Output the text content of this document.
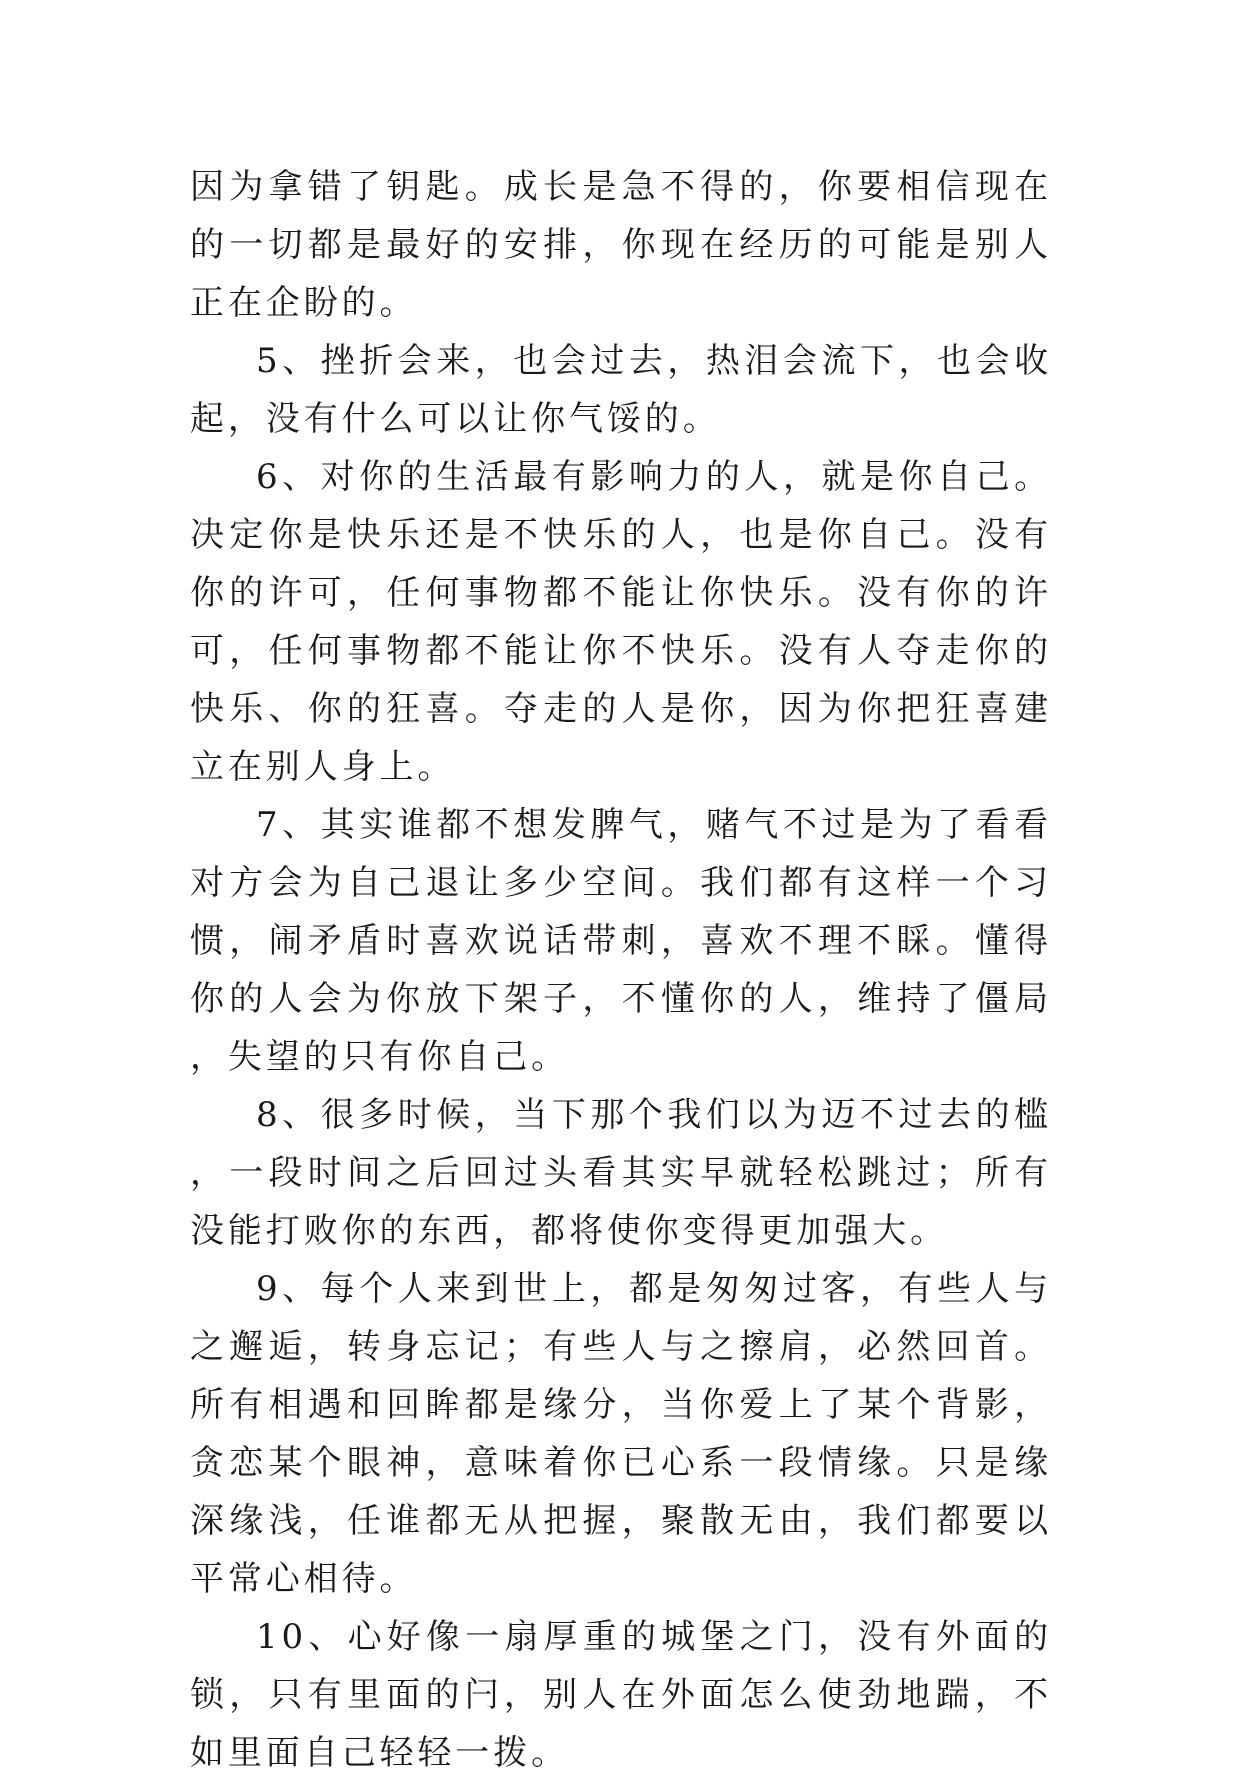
因为拿错了钥匙。成长是急不得的，你要相信现在的一切都是最好的安排，你现在经历的可能是别人正在企盼的。

5、挫折会来，也会过去，热泪会流下，也会收起，没有什么可以让你气馁的。

6、对你的生活最有影响力的人，就是你自己。决定你是快乐还是不快乐的人，也是你自己。没有你的许可，任何事物都不能让你快乐。没有你的许可，任何事物都不能让你不快乐。没有人夺走你的快乐、你的狂喜。夺走的人是你，因为你把狂喜建立在别人身上。

7、其实谁都不想发脾气，赌气不过是为了看看对方会为自己退让多少空间。我们都有这样一个习惯，闹矛盾时喜欢说话带刺，喜欢不理不睬。懂得你的人会为你放下架子，不懂你的人，维持了僵局，失望的只有你自己。

8、很多时候，当下那个我们以为迈不过去的槛，一段时间之后回过头看其实早就轻松跳过；所有没能打败你的东西，都将使你变得更加强大。

9、每个人来到世上，都是匆匆过客，有些人与之邂逅，转身忘记；有些人与之擦肩，必然回首。所有相遇和回眸都是缘分，当你爱上了某个背影，贪恋某个眼神，意味着你已心系一段情缘。只是缘深缘浅，任谁都无从把握，聚散无由，我们都要以平常心相待。

10、心好像一扇厚重的城堡之门，没有外面的锁，只有里面的闩，别人在外面怎么使劲地踹，不如里面自己轻轻一拨。
